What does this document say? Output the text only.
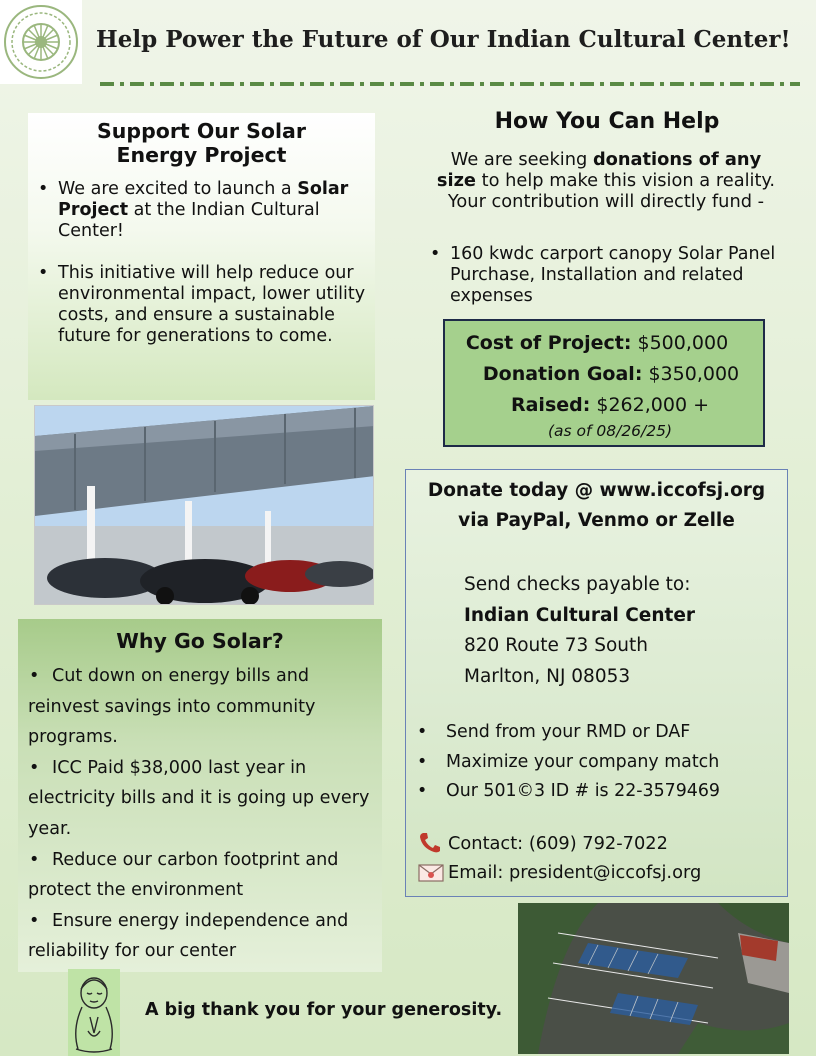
Help Power the Future of Our Indian Cultural Center!
Support Our Solar Energy Project
• We are excited to launch a Solar Project at the Indian Cultural Center!
• This initiative will help reduce our environmental impact, lower utility costs, and ensure a sustainable future for generations to come.
Why Go Solar?
• Cut down on energy bills and reinvest savings into community programs.
• ICC Paid $38,000 last year in electricity bills and it is going up every year.
• Reduce our carbon footprint and protect the environment
• Ensure energy independence and reliability for our center
A big thank you for your generosity.
How You Can Help
We are seeking donations of any size to help make this vision a reality. Your contribution will directly fund -
• 160 kwdc carport canopy Solar Panel Purchase, Installation and related expenses
Cost of Project: $500,000
Donation Goal: $350,000
Raised: $262,000 +
(as of 08/26/25)
Donate today @ www.iccofsj.org
via PayPal, Venmo or Zelle
Send checks payable to:
Indian Cultural Center
820 Route 73 South
Marlton, NJ 08053
• Send from your RMD or DAF
• Maximize your company match
• Our 501©3 ID # is 22-3579469
Contact: (609) 792-7022
Email: president@iccofsj.org
